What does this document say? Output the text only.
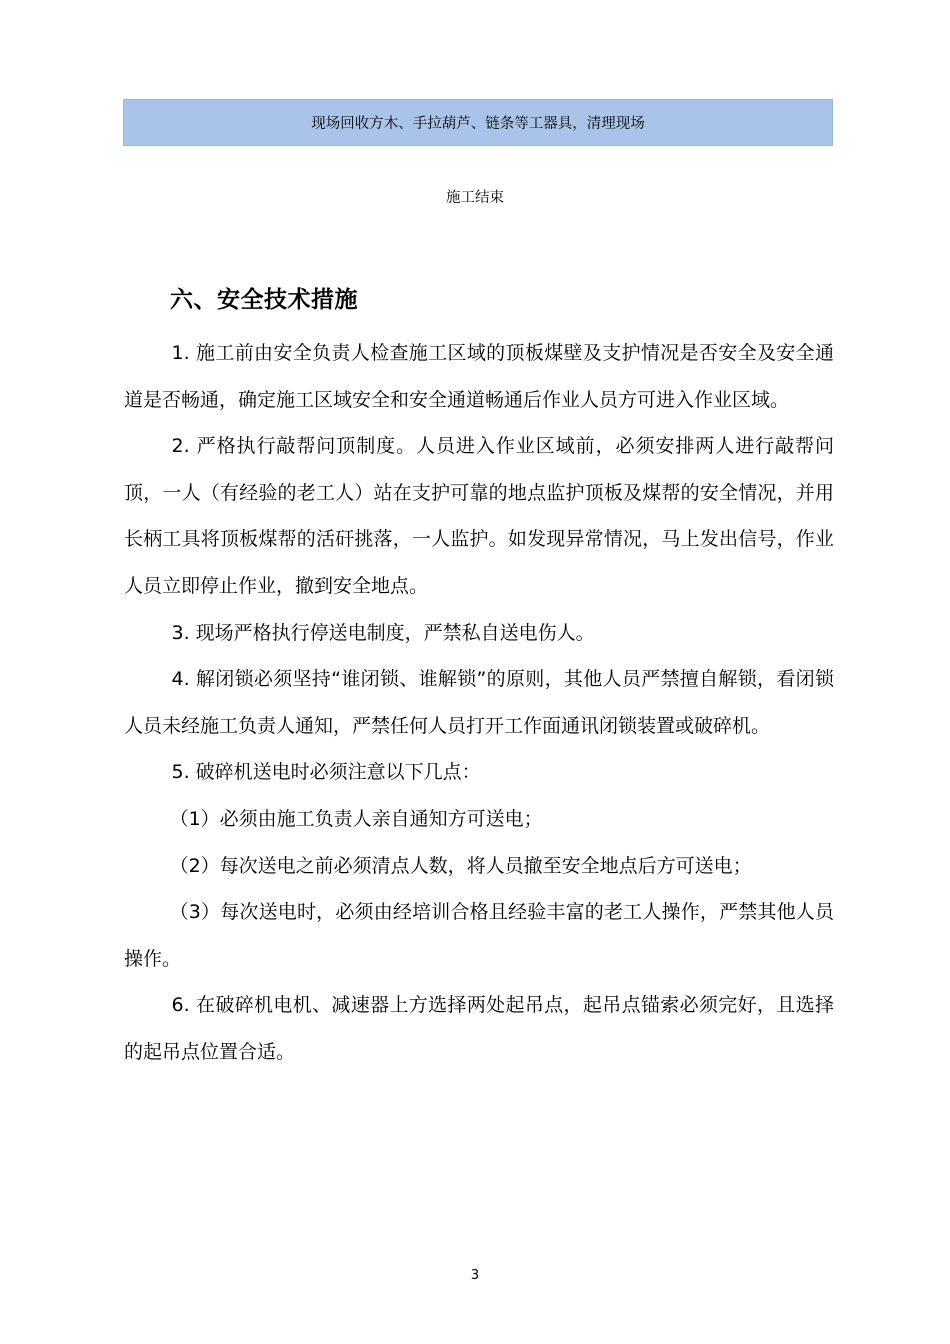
现场回收方木、手拉葫芦、链条等工器具，清理现场
施工结束
六、安全技术措施

1. 施工前由安全负责人检查施工区域的顶板煤壁及支护情况是否安全及安全通道是否畅通，确定施工区域安全和安全通道畅通后作业人员方可进入作业区域。

2. 严格执行敲帮问顶制度。人员进入作业区域前，必须安排两人进行敲帮问顶，一人（有经验的老工人）站在支护可靠的地点监护顶板及煤帮的安全情况，并用长柄工具将顶板煤帮的活矸挑落，一人监护。如发现异常情况，马上发出信号，作业人员立即停止作业，撤到安全地点。

3. 现场严格执行停送电制度，严禁私自送电伤人。

4. 解闭锁必须坚持“谁闭锁、谁解锁”的原则，其他人员严禁擅自解锁，看闭锁人员未经施工负责人通知，严禁任何人员打开工作面通讯闭锁装置或破碎机。

5. 破碎机送电时必须注意以下几点：

（1）必须由施工负责人亲自通知方可送电；

（2）每次送电之前必须清点人数，将人员撤至安全地点后方可送电；

（3）每次送电时，必须由经培训合格且经验丰富的老工人操作，严禁其他人员操作。

6. 在破碎机电机、减速器上方选择两处起吊点，起吊点锚索必须完好，且选择的起吊点位置合适。

3
